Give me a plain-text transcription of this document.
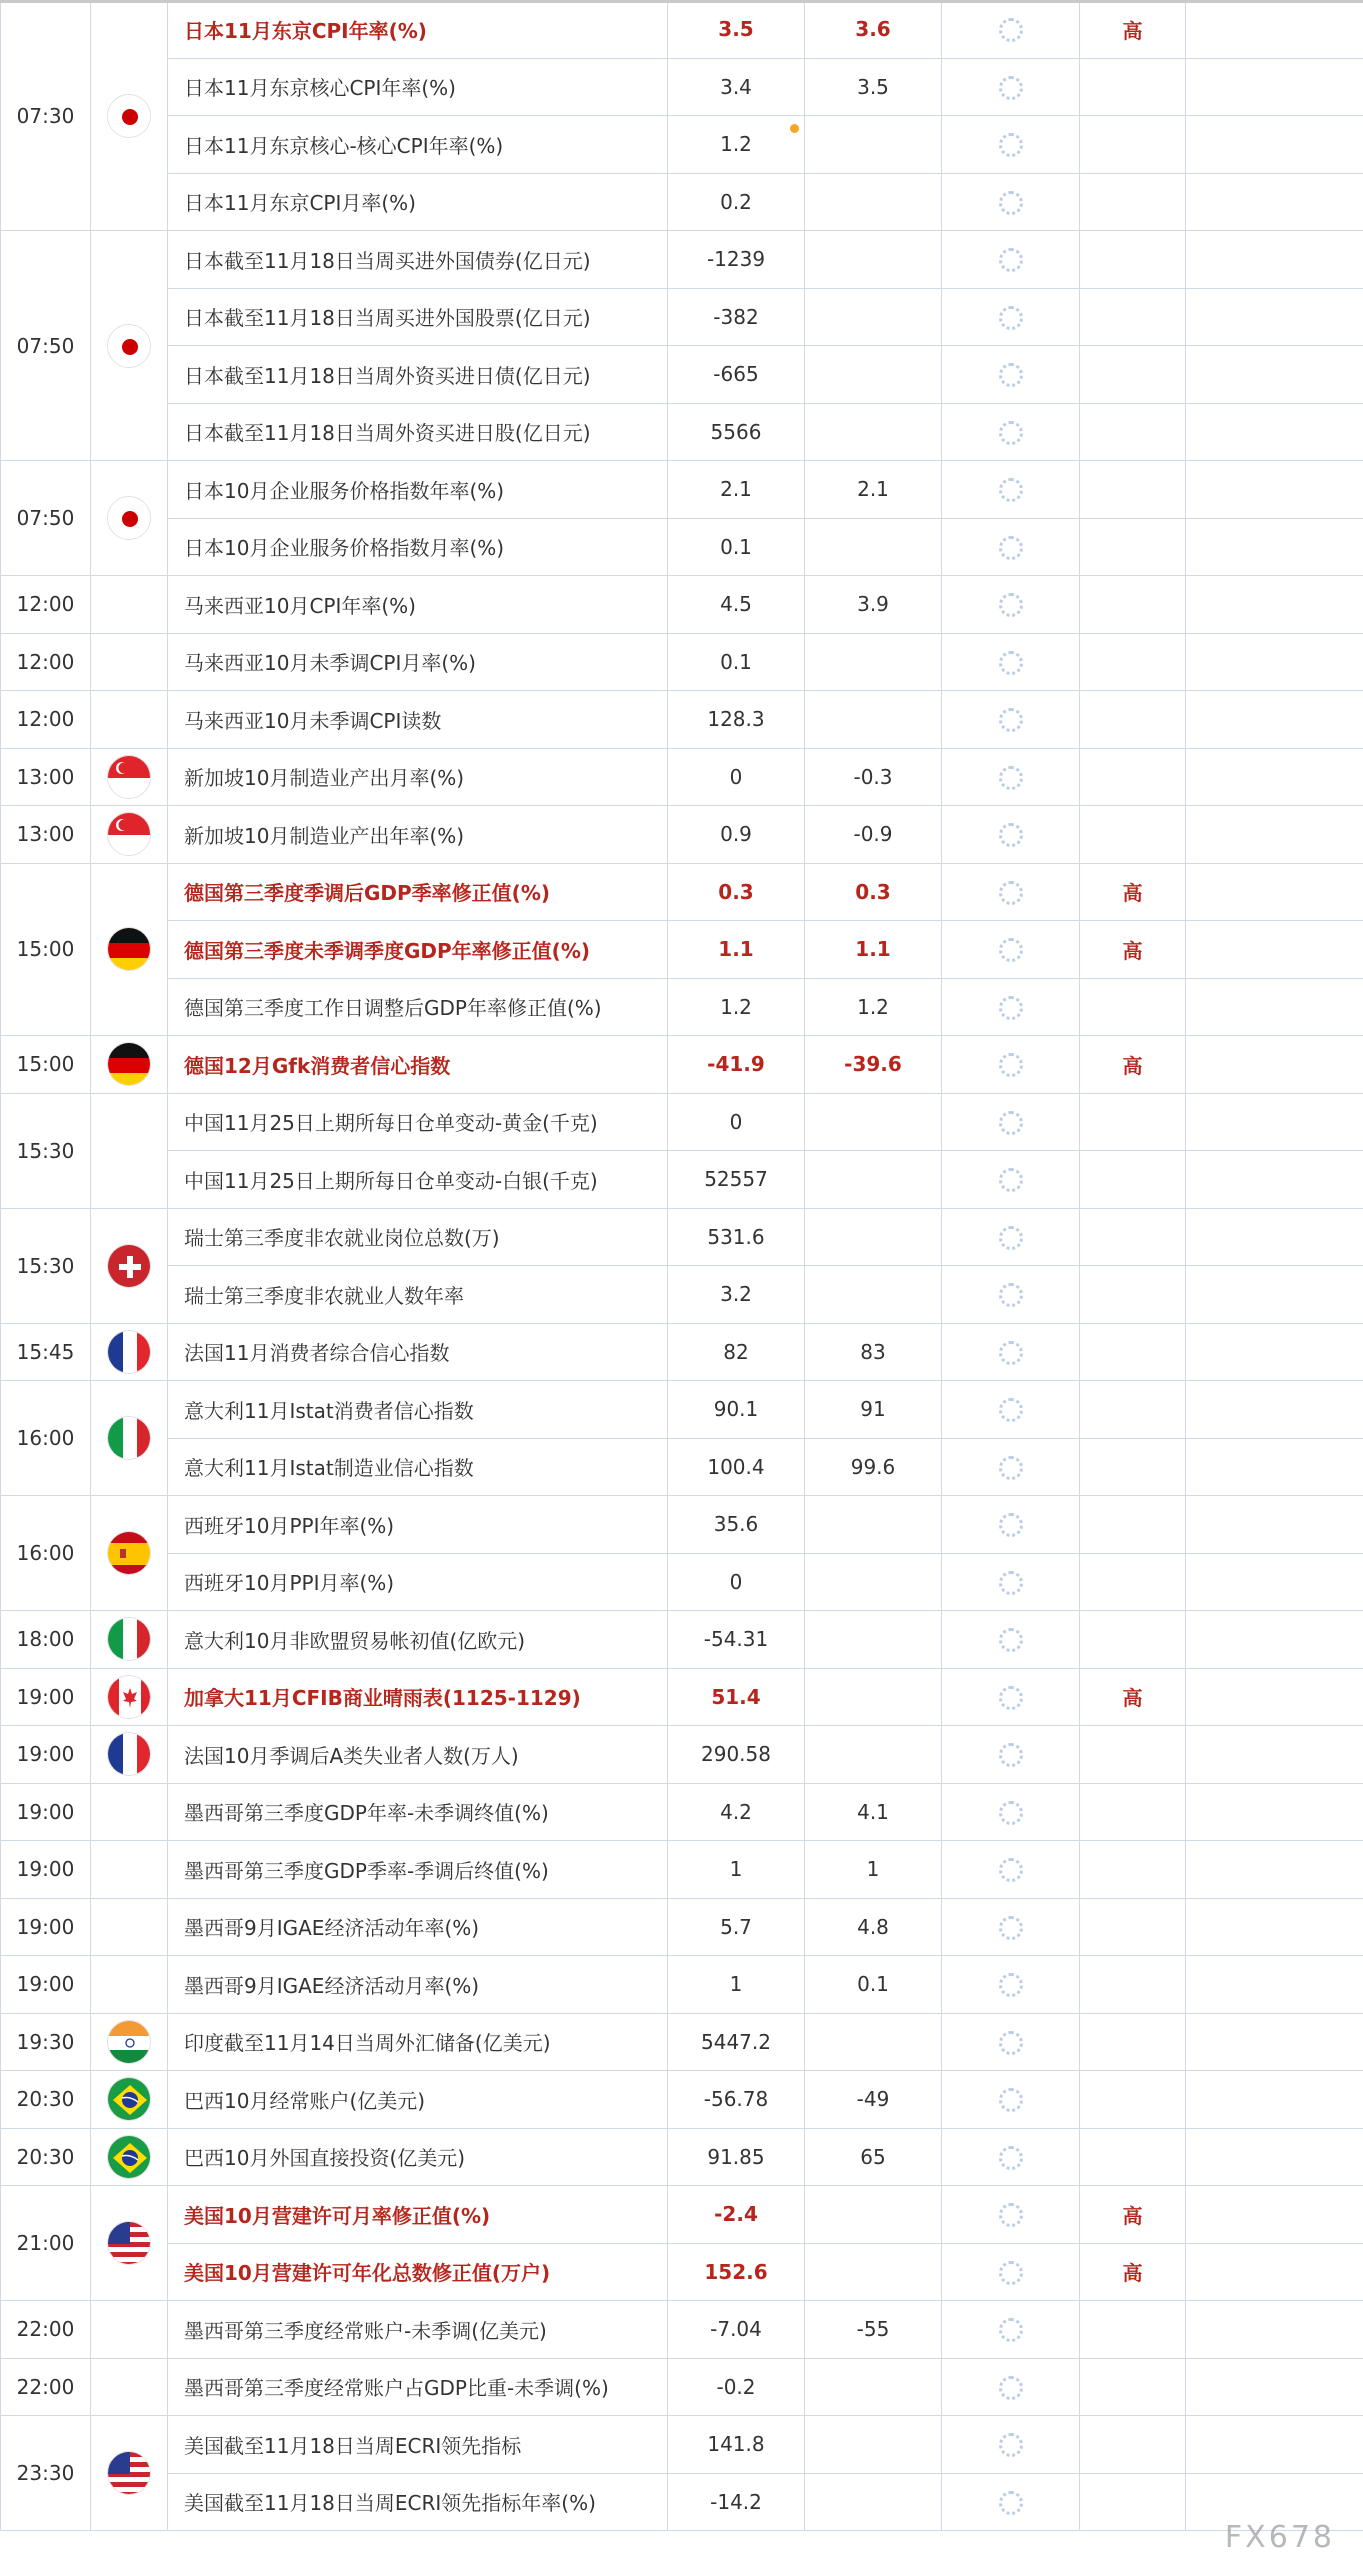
07:30		日本11月东京CPI年率(%)	3.5	3.6		高	
		日本11月东京核心CPI年率(%)	3.4	3.5			
		日本11月东京核心-核心CPI年率(%)	1.2

		日本11月东京CPI月率(%)	0.2				
07:50		日本截至11月18日当周买进外国债券(亿日元)	-1239				
		日本截至11月18日当周买进外国股票(亿日元)	-382				
		日本截至11月18日当周外资买进日债(亿日元)	-665				
		日本截至11月18日当周外资买进日股(亿日元)	5566				
07:50		日本10月企业服务价格指数年率(%)	2.1	2.1			
		日本10月企业服务价格指数月率(%)	0.1				
12:00		马来西亚10月CPI年率(%)	4.5	3.9			
12:00		马来西亚10月未季调CPI月率(%)	0.1				
12:00		马来西亚10月未季调CPI读数	128.3				
13:00		新加坡10月制造业产出月率(%)	0	-0.3			
13:00		新加坡10月制造业产出年率(%)	0.9	-0.9			
15:00		德国第三季度季调后GDP季率修正值(%)	0.3	0.3		高	
		德国第三季度未季调季度GDP年率修正值(%)	1.1	1.1		高	
		德国第三季度工作日调整后GDP年率修正值(%)	1.2	1.2			
15:00		德国12月Gfk消费者信心指数	-41.9	-39.6		高	
15:30		中国11月25日上期所每日仓单变动-黄金(千克)	0				
		中国11月25日上期所每日仓单变动-白银(千克)	52557				
15:30		瑞士第三季度非农就业岗位总数(万)	531.6				
		瑞士第三季度非农就业人数年率	3.2				
15:45		法国11月消费者综合信心指数	82	83			
16:00		意大利11月Istat消费者信心指数	90.1	91			
		意大利11月Istat制造业信心指数	100.4	99.6			
16:00		西班牙10月PPI年率(%)	35.6				
		西班牙10月PPI月率(%)	0				
18:00		意大利10月非欧盟贸易帐初值(亿欧元)	-54.31				
19:00		加拿大11月CFIB商业晴雨表(1125-1129)	51.4			高	
19:00		法国10月季调后A类失业者人数(万人)	290.58				
19:00		墨西哥第三季度GDP年率-未季调终值(%)	4.2	4.1			
19:00		墨西哥第三季度GDP季率-季调后终值(%)	1	1			
19:00		墨西哥9月IGAE经济活动年率(%)	5.7	4.8			
19:00		墨西哥9月IGAE经济活动月率(%)	1	0.1			
19:30		印度截至11月14日当周外汇储备(亿美元)	5447.2				
20:30		巴西10月经常账户(亿美元)	-56.78	-49			
20:30		巴西10月外国直接投资(亿美元)	91.85	65			
21:00		美国10月营建许可月率修正值(%)	-2.4			高	
		美国10月营建许可年化总数修正值(万户)	152.6			高	
22:00		墨西哥第三季度经常账户-未季调(亿美元)	-7.04	-55			
22:00		墨西哥第三季度经常账户占GDP比重-未季调(%)	-0.2				
23:30		美国截至11月18日当周ECRI领先指标	141.8				
		美国截至11月18日当周ECRI领先指标年率(%)	-14.2				
FX678
